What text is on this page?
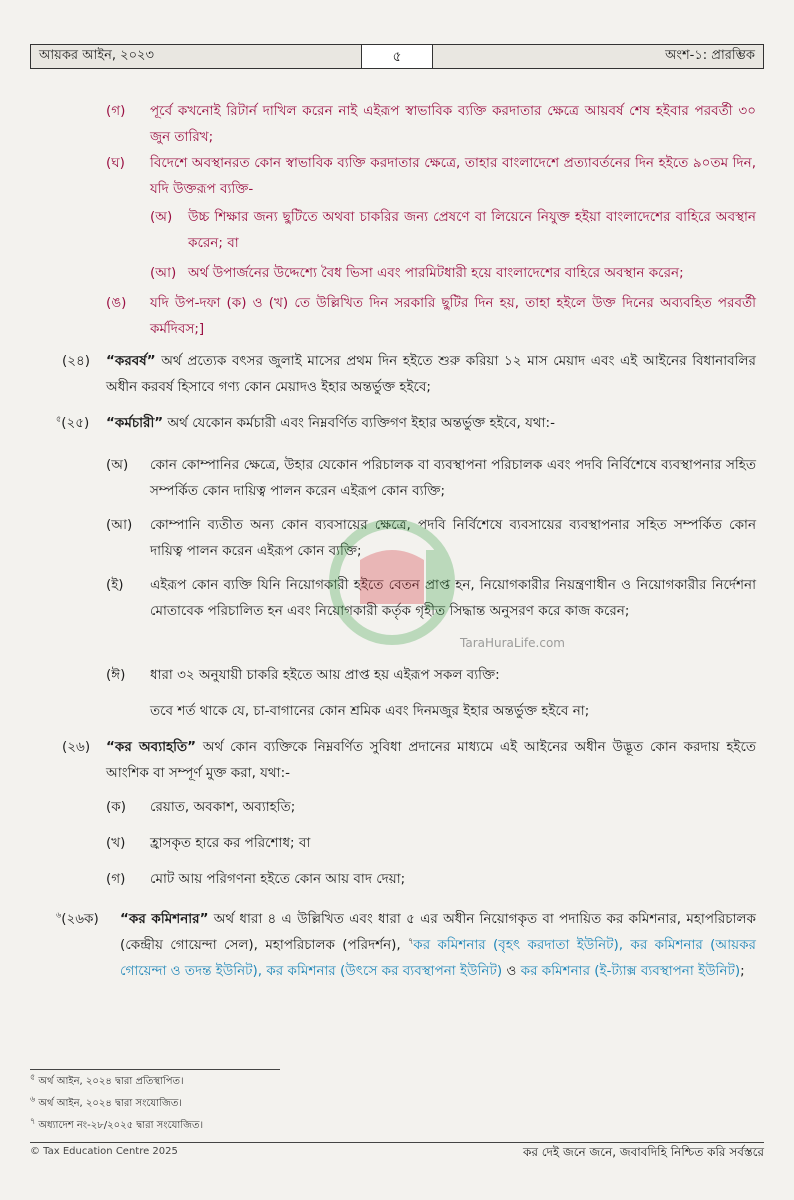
আয়কর আইন, ২০২৩	৫	অংশ-১: প্রারম্ভিক
(গ) পূর্বে কখনোই রিটার্ন দাখিল করেন নাই এইরূপ স্বাভাবিক ব্যক্তি করদাতার ক্ষেত্রে আয়বর্ষ শেষ হইবার পরবর্তী ৩০ জুন তারিখ;
(ঘ) বিদেশে অবস্থানরত কোন স্বাভাবিক ব্যক্তি করদাতার ক্ষেত্রে, তাহার বাংলাদেশে প্রত্যাবর্তনের দিন হইতে ৯০তম দিন, যদি উক্তরূপ ব্যক্তি-
(অ) উচ্চ শিক্ষার জন্য ছুটিতে অথবা চাকরির জন্য প্রেষণে বা লিয়েনে নিযুক্ত হইয়া বাংলাদেশের বাহিরে অবস্থান করেন; বা
(আ) অর্থ উপার্জনের উদ্দেশ্যে বৈধ ভিসা এবং পারমিটধারী হয়ে বাংলাদেশের বাহিরে অবস্থান করেন;
(ঙ) যদি উপ-দফা (ক) ও (খ) তে উল্লিখিত দিন সরকারি ছুটির দিন হয়, তাহা হইলে উক্ত দিনের অব্যবহিত পরবর্তী কর্মদিবস;]
(২৪) “করবর্ষ” অর্থ প্রত্যেক বৎসর জুলাই মাসের প্রথম দিন হইতে শুরু করিয়া ১২ মাস মেয়াদ এবং এই আইনের বিধানাবলির অধীন করবর্ষ হিসাবে গণ্য কোন মেয়াদও ইহার অন্তর্ভুক্ত হইবে;
$^৫$(২৫) “কর্মচারী” অর্থ যেকোন কর্মচারী এবং নিম্নবর্ণিত ব্যক্তিগণ ইহার অন্তর্ভুক্ত হইবে, যথা:-
(অ) কোন কোম্পানির ক্ষেত্রে, উহার যেকোন পরিচালক বা ব্যবস্থাপনা পরিচালক এবং পদবি নির্বিশেষে ব্যবস্থাপনার সহিত সম্পর্কিত কোন দায়িত্ব পালন করেন এইরূপ কোন ব্যক্তি;
(আ) কোম্পানি ব্যতীত অন্য কোন ব্যবসায়ের ক্ষেত্রে, পদবি নির্বিশেষে ব্যবসায়ের ব্যবস্থাপনার সহিত সম্পর্কিত কোন দায়িত্ব পালন করেন এইরূপ কোন ব্যক্তি;
(ই) এইরূপ কোন ব্যক্তি যিনি নিয়োগকারী হইতে বেতন প্রাপ্ত হন, নিয়োগকারীর নিয়ন্ত্রণাধীন ও নিয়োগকারীর নির্দেশনা মোতাবেক পরিচালিত হন এবং নিয়োগকারী কর্তৃক গৃহীত সিদ্ধান্ত অনুসরণ করে কাজ করেন;
(ঈ) ধারা ৩২ অনুযায়ী চাকরি হইতে আয় প্রাপ্ত হয় এইরূপ সকল ব্যক্তি:
তবে শর্ত থাকে যে, চা-বাগানের কোন শ্রমিক এবং দিনমজুর ইহার অন্তর্ভুক্ত হইবে না;
(২৬) “কর অব্যাহতি” অর্থ কোন ব্যক্তিকে নিম্নবর্ণিত সুবিধা প্রদানের মাধ্যমে এই আইনের অধীন উদ্ভূত কোন করদায় হইতে আংশিক বা সম্পূর্ণ মুক্ত করা, যথা:-
(ক) রেয়াত, অবকাশ, অব্যাহতি;
(খ) হ্রাসকৃত হারে কর পরিশোধ; বা
(গ) মোট আয় পরিগণনা হইতে কোন আয় বাদ দেয়া;
$^৬$(২৬ক) “কর কমিশনার” অর্থ ধারা ৪ এ উল্লিখিত এবং ধারা ৫ এর অধীন নিয়োগকৃত বা পদায়িত কর কমিশনার, মহাপরিচালক (কেন্দ্রীয় গোয়েন্দা সেল), মহাপরিচালক (পরিদর্শন), $^৭$কর কমিশনার (বৃহৎ করদাতা ইউনিট), কর কমিশনার (আয়কর গোয়েন্দা ও তদন্ত ইউনিট), কর কমিশনার (উৎসে কর ব্যবস্থাপনা ইউনিট) ও কর কমিশনার (ই-ট্যাক্স ব্যবস্থাপনা ইউনিট);
TaraHuraLife.com
$^৫$ অর্থ আইন, ২০২৪ দ্বারা প্রতিস্থাপিত।
$^৬$ অর্থ আইন, ২০২৪ দ্বারা সংযোজিত।
$^৭$ অধ্যাদেশ নং-২৮/২০২৫ দ্বারা সংযোজিত।
© Tax Education Centre 2025	কর দেই জনে জনে, জবাবদিহি নিশ্চিত করি সর্বস্তরে
